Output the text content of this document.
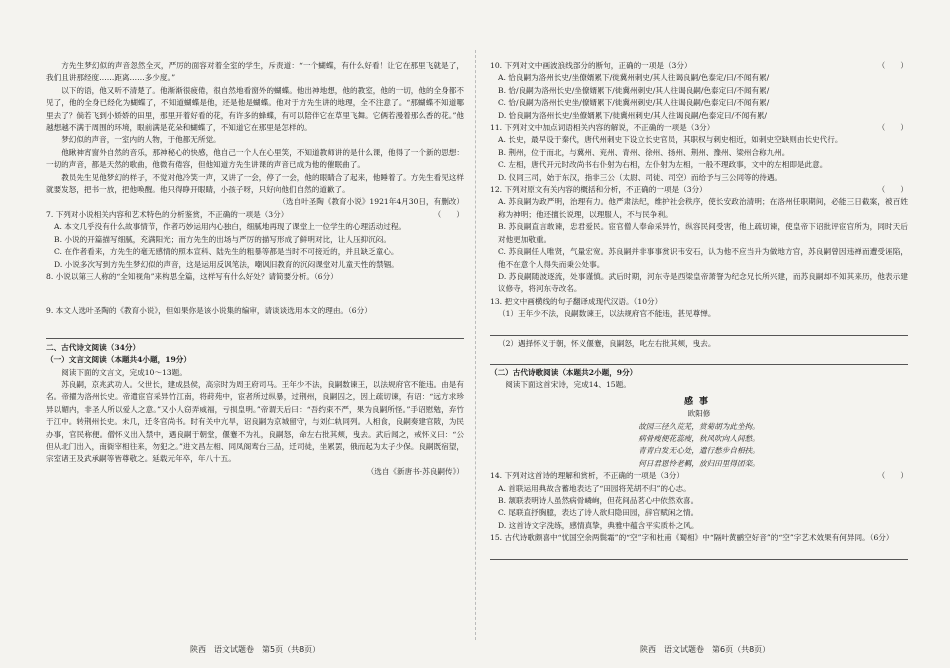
方先生梦幻似的声音忽然全灭，严厉的面容对着全室的学生，斥责道：“一个蝴蝶，有什么好看！让它在那里飞就是了，我们且讲那经度……距离……多少度。”

以下的语，他又听不清楚了。他渐渐很疲倦，很自然地看窗外的蝴蝶。他出神地想，他的教室，他的一切，他的全身都不见了，他的全身已经化为蝴蝶了，不知道蝴蝶是他，还是他是蝴蝶。他对于方先生讲的地理，全不注意了。“那蝴蝶不知道哪里去了？倘若飞到小娇娇的田里，那里开着好看的花，有许多的蜂蝶，有可以陪伴它在草里飞舞。它俩若漫着那么香的花。”他越想越不满于周围的环境，眼前满是花朵和蝴蝶了，不知道它在那里是怎样的。

梦幻似的声音，一室内的人物，于他都无所觉。

他瞅神宵窗外自然的音乐，那神秘心的快感，他自己一个人在心里笑，不知道教师讲的是什么课，他得了一个新的思想：一切的声音，都是天然的歌曲，他微有倦容，但他知道方先生讲课的声音已成为他的催眠曲了。

教员先生见他梦幻的样子，不觉对他冷笑一声，又讲了一会，停了一会，他的眼睛合了起来，他睡着了。方先生看见这样就要发怒，把书一放，把他唤醒。他只得睁开眼睛，小孩子呀，只好向他们自然的道歉了。

（选自叶圣陶《教育小说》1921年4月30日，有删改）

7. 下列对小说相关内容和艺术特色的分析鉴赏，不正确的一项是（3分）	（　　）

A. 本文几乎没有什么故事情节，作者巧妙运用内心独白，细腻地再现了课堂上一位学生的心理活动过程。

B. 小说的开篇描写细腻，充满阳光；而方先生的出场与严厉的描写形成了鲜明对比，让人压抑沉闷。

C. 在作者看来，方先生的毫无感情的照本宣科、陆先生的粗暴等都是当时不可接近的，并且缺乏童心。

D. 小说多次写到方先生梦幻似的声音，这是运用反讽笔法，嘲讽旧教育的沉闷课堂对儿童天性的禁锢。

8. 小说以第三人称的“全知视角”来构思全篇，这样写有什么好处？请简要分析。（6分）

9. 本文人选叶圣陶的《教育小说》，但如果你是该小说集的编审，请谈谈选用本文的理由。（6分）

二、古代诗文阅读（34分）

（一）文言文阅读（本题共4小题，19分）

阅读下面的文言文，完成10～13题。

苏良嗣，京兆武功人。父世长，建成县侯，高宗时为周王府司马。王年少不法，良嗣数谏王，以法规府官不能违。由是有名。帝擢为洛州长史。帝遣宦官采异竹江南，将莳苑中，宦者所过纵暴，过荆州，良嗣囚之，因上疏切谏，有诏：“远方求珍异以媚内，非圣人所以爱人之意。”又小人窃弄威福，亏损皇明。”帝谓天后曰：“吾约束不严，果为良嗣所怪。”手诏慰勉，弃竹于江中。转荆州长史。未几，迁冬官尚书。时有关中亢旱，诏良嗣为京城留守，与刘仁轨同列。人相食，良嗣奏建官陂，为民办事，官民称便。僧怀义出入禁中，遇良嗣于朝堂，偃蹇不为礼，良嗣怒，命左右批其颊，曳去。武后闻之，戒怀义曰：“公但从北门出入，南衙宰相往来，勿犯之。”进文昌左相、同凤阁鸾台三品，迁司徒，坐累罢，俄而起为太子少保。良嗣既宿望，宗室诸王及武承嗣等皆尊敬之。延载元年卒，年八十五。

（选自《新唐书·苏良嗣传》）

10. 下列对文中画波浪线部分的断句，正确的一项是（3分）	（　　）

A. 恰良嗣为洛州长史/坐僚婿累下/徙冀州刺史/其人往谒良嗣/色泰定/曰/不闻有累/

B. 恰/良嗣为洛州长史/坐僚婿累下/徙冀州刺史/其人往谒良嗣/色泰定曰/不闻有累/

C. 恰/良嗣为洛州长史坐/僚婿累下/徙冀州刺史/其人往谒良嗣/色泰定曰/不闻有累/

D. 恰良嗣为洛州长史/坐僚婿累下/徙冀州刺史/其人往谒良嗣/色泰定曰/不闻有累/

11. 下列对文中加点词语相关内容的解说，不正确的一项是（3分）	（　　）

A. 长史，最早设于秦代，唐代州刺史下设立长史官员，其职权与刺史相近，如刺史空缺则由长史代行。

B. 荆州，位于而北，与冀州、兖州、青州、徐州、扬州、荆州、豫州、梁州合称九州。

C. 左相，唐代开元时改尚书右仆射为右相，左仆射为左相，一般不理政事，文中的左相即是此意。

D. 仪同三司，始于东汉，指非三公（太尉、司徒、司空）而给予与三公同等的待遇。

12. 下列对原文有关内容的概括和分析，不正确的一项是（3分）	（　　）

A. 苏良嗣为政严明，治理有力。他严肃法纪，维护社会秩序，使长安政治清明；在洛州任职期间，必能三日截案，被百姓称为神明；他还擅长说理，以理服人，不与民争利。

B. 苏良嗣直言敢谏，忠君爱民。宦官僧人奉命采异竹，纵容民间受害，他上疏切谏，使皇帝下诏批评宦官所为，同时天后对他更加敬重。

C. 苏良嗣任人唯贤，气量宏宽。苏良嗣并非事事赏识韦安石，认为他不应当升为做地方官，苏良嗣曾因违禅而遭受诬陷，他不在意个人得失而秉公处事。

D. 苏良嗣随波逐流，处事谨慎。武后时期，河东寺是西梁皇帝萧詧为纪念兄长所兴建，而苏良嗣却不知其来历，他表示建议修寺，将河东寺改名。

13. 把文中画横线的句子翻译成现代汉语。（10分）

（1）王年少不法，良嗣数谏王，以法规府官不能违，甚见尊惮。

（2）遇择怀义于朝，怀义偃蹇，良嗣怒，叱左右批其颊，曳去。

（二）古代诗歌阅读（本题共2小题，9分）

阅读下面这首宋诗，完成14、15题。

感事

欧阳修

故园三径久荒芜，赏菊胡为此坐拘。

病骨瘦便花蕊瘦，秋风吹向人间愁。

青青白发无心处，遣行愁步自相扶。

何日君恩怜老羁，放归田里得团栾。

14. 下列对这首诗的理解和赏析，不正确的一项是（3分）	（　　）

A. 首联运用典故含蓄地表达了“田园将芜胡不归”的心志。

B. 颔联表明诗人虽然病骨嶙峋，但花间品茗心中依然欢喜。

C. 尾联直抒胸臆，表达了诗人欲归隐田园，辞官赋闲之情。

D. 这首诗文字洗练，感情真挚，典雅中蕴含平实质朴之风。

15. 古代诗歌颇喜中“忧国空余两鬓霜”的“空”字和杜甫《蜀相》中“隔叶黄鹂空好音”的“空”字艺术效果有何异同。（6分）

陕西　语文试题卷　第5页（共8页）	陕西　语文试题卷　第6页（共8页）
